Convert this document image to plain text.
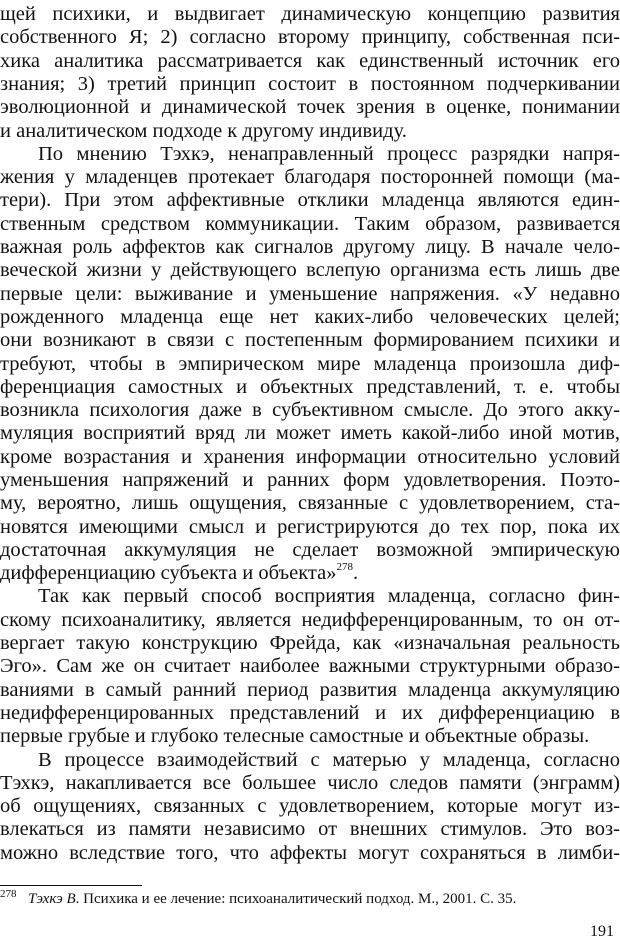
щей психики, и выдвигает динамическую концепцию развития
собственного Я; 2) согласно второму принципу, собственная пси-
хика аналитика рассматривается как единственный источник его
знания; 3) третий принцип состоит в постоянном подчеркивании
эволюционной и динамической точек зрения в оценке, понимании
и аналитическом подходе к другому индивиду.
По мнению Тэхкэ, ненаправленный процесс разрядки напря-
жения у младенцев протекает благодаря посторонней помощи (ма-
тери). При этом аффективные отклики младенца являются един-
ственным средством коммуникации. Таким образом, развивается
важная роль аффектов как сигналов другому лицу. В начале чело-
веческой жизни у действующего вслепую организма есть лишь две
первые цели: выживание и уменьшение напряжения. «У недавно
рожденного младенца еще нет каких-либо человеческих целей;
они возникают в связи с постепенным формированием психики и
требуют, чтобы в эмпирическом мире младенца произошла диф-
ференциация самостных и объектных представлений, т. е. чтобы
возникла психология даже в субъективном смысле. До этого акку-
муляция восприятий вряд ли может иметь какой-либо иной мотив,
кроме возрастания и хранения информации относительно условий
уменьшения напряжений и ранних форм удовлетворения. Поэто-
му, вероятно, лишь ощущения, связанные с удовлетворением, ста-
новятся имеющими смысл и регистрируются до тех пор, пока их
достаточная аккумуляция не сделает возможной эмпирическую
дифференциацию субъекта и объекта»$^{278}$.
Так как первый способ восприятия младенца, согласно фин-
скому психоаналитику, является недифференцированным, то он от-
вергает такую конструкцию Фрейда, как «изначальная реальность
Эго». Сам же он считает наиболее важными структурными образо-
ваниями в самый ранний период развития младенца аккумуляцию
недифференцированных представлений и их дифференциацию в
первые грубые и глубоко телесные самостные и объектные образы.
В процессе взаимодействий с матерью у младенца, согласно
Тэхкэ, накапливается все большее число следов памяти (энграмм)
об ощущениях, связанных с удовлетворением, которые могут из-
влекаться из памяти независимо от внешних стимулов. Это воз-
можно вследствие того, что аффекты могут сохраняться в лимби-
$^{278}$ Тэхкэ В. Психика и ее лечение: психоаналитический подход. М., 2001. С. 35.
191
